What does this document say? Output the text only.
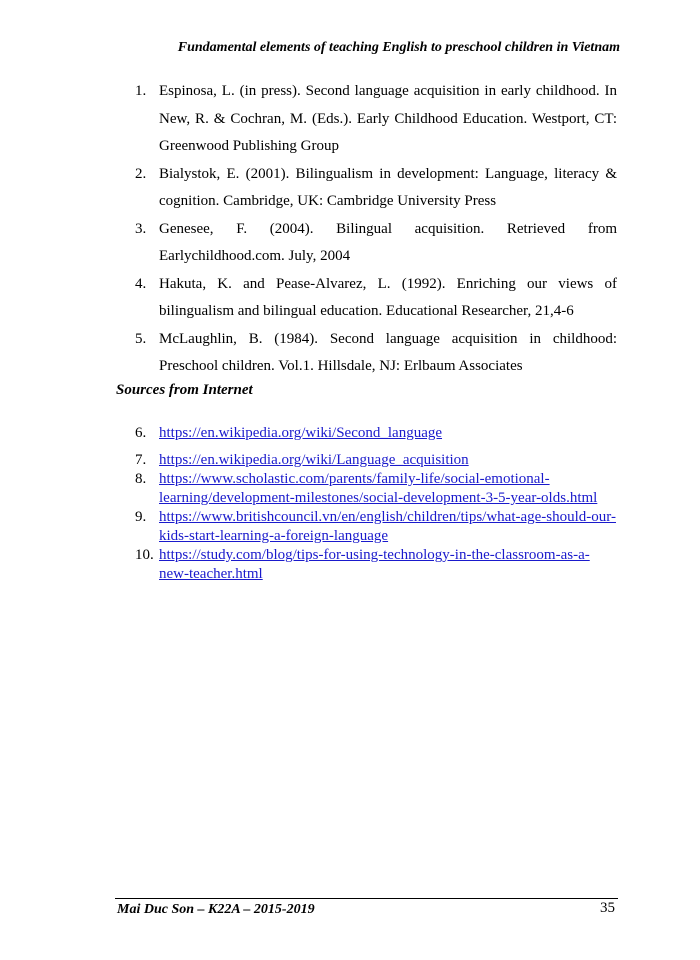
Fundamental elements of teaching English to preschool children in Vietnam
1. Espinosa, L. (in press). Second language acquisition in early childhood. In New, R. & Cochran, M. (Eds.). Early Childhood Education. Westport, CT: Greenwood Publishing Group
2. Bialystok, E. (2001). Bilingualism in development: Language, literacy & cognition. Cambridge, UK: Cambridge University Press
3. Genesee, F. (2004). Bilingual acquisition. Retrieved from Earlychildhood.com. July, 2004
4. Hakuta, K. and Pease-Alvarez, L. (1992). Enriching our views of bilingualism and bilingual education. Educational Researcher, 21,4-6
5. McLaughlin, B. (1984). Second language acquisition in childhood: Preschool children. Vol.1. Hillsdale, NJ: Erlbaum Associates
Sources from Internet
6. https://en.wikipedia.org/wiki/Second_language
7. https://en.wikipedia.org/wiki/Language_acquisition
8. https://www.scholastic.com/parents/family-life/social-emotional-learning/development-milestones/social-development-3-5-year-olds.html
9. https://www.britishcouncil.vn/en/english/children/tips/what-age-should-our-kids-start-learning-a-foreign-language
10. https://study.com/blog/tips-for-using-technology-in-the-classroom-as-a-new-teacher.html
Mai Duc Son – K22A – 2015-2019	35
